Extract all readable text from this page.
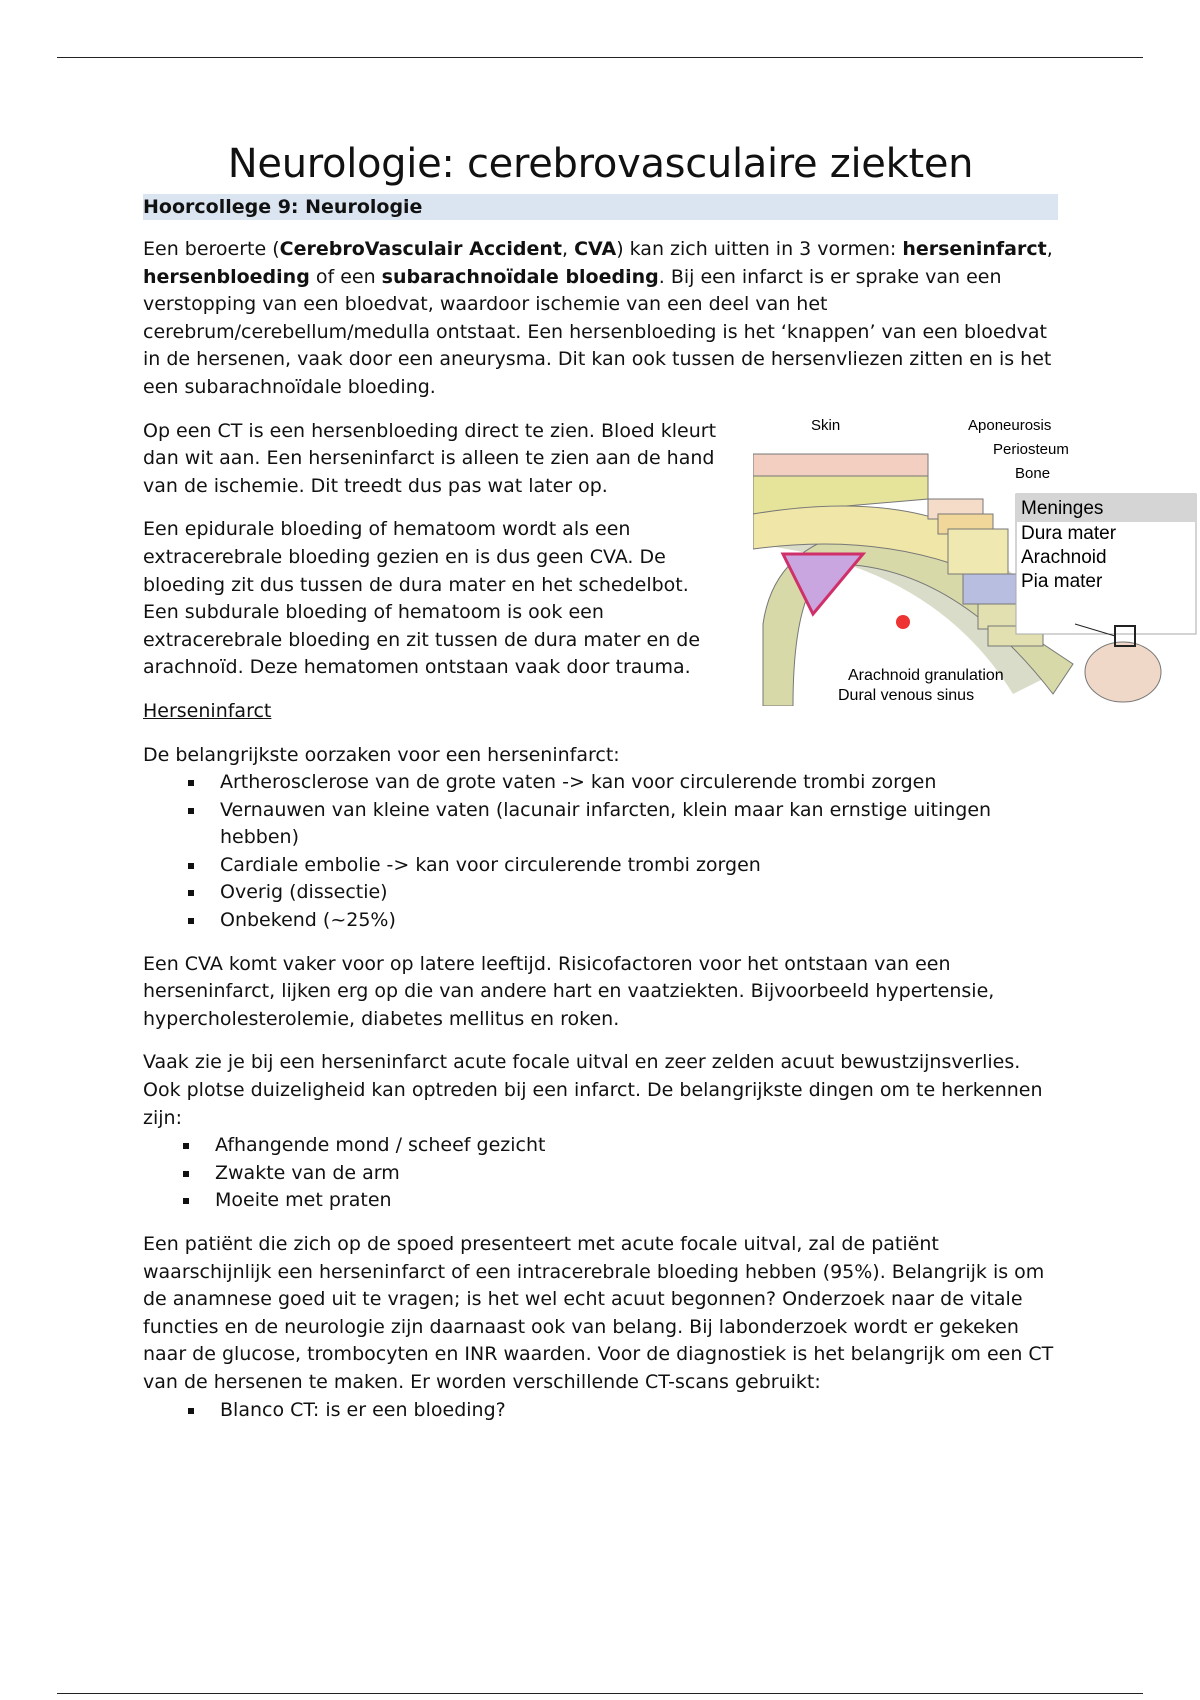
Neurologie: cerebrovasculaire ziekten
Hoorcollege 9: Neurologie

Een beroerte (CerebroVasculair Accident, CVA) kan zich uitten in 3 vormen: herseninfarct, hersenbloeding of een subarachnoïdale bloeding. Bij een infarct is er sprake van een verstopping van een bloedvat, waardoor ischemie van een deel van het cerebrum/cerebellum/medulla ontstaat. Een hersenbloeding is het ‘knappen’ van een bloedvat in de hersenen, vaak door een aneurysma. Dit kan ook tussen de hersenvliezen zitten en is het een subarachnoïdale bloeding.

Skin	Aponeurosis
Periosteum
Bone
Meninges
Dura mater
Arachnoid
Pia mater
Arachnoid granulation
Dural venous sinus

Op een CT is een hersenbloeding direct te zien. Bloed kleurt dan wit aan. Een herseninfarct is alleen te zien aan de hand van de ischemie. Dit treedt dus pas wat later op.

Een epidurale bloeding of hematoom wordt als een extracerebrale bloeding gezien en is dus geen CVA. De bloeding zit dus tussen de dura mater en het schedelbot. Een subdurale bloeding of hematoom is ook een extracerebrale bloeding en zit tussen de dura mater en de arachnoïd. Deze hematomen ontstaan vaak door trauma.

Herseninfarct

De belangrijkste oorzaken voor een herseninfarct:

Artherosclerose van de grote vaten -> kan voor circulerende trombi zorgen
Vernauwen van kleine vaten (lacunair infarcten, klein maar kan ernstige uitingen hebben)
Cardiale embolie -> kan voor circulerende trombi zorgen
Overig (dissectie)
Onbekend (~25%)

Een CVA komt vaker voor op latere leeftijd. Risicofactoren voor het ontstaan van een herseninfarct, lijken erg op die van andere hart en vaatziekten. Bijvoorbeeld hypertensie, hypercholesterolemie, diabetes mellitus en roken.

Vaak zie je bij een herseninfarct acute focale uitval en zeer zelden acuut bewustzijnsverlies. Ook plotse duizeligheid kan optreden bij een infarct. De belangrijkste dingen om te herkennen zijn:

Afhangende mond / scheef gezicht
Zwakte van de arm
Moeite met praten

Een patiënt die zich op de spoed presenteert met acute focale uitval, zal de patiënt waarschijnlijk een herseninfarct of een intracerebrale bloeding hebben (95%). Belangrijk is om de anamnese goed uit te vragen; is het wel echt acuut begonnen? Onderzoek naar de vitale functies en de neurologie zijn daarnaast ook van belang. Bij labonderzoek wordt er gekeken naar de glucose, trombocyten en INR waarden. Voor de diagnostiek is het belangrijk om een CT van de hersenen te maken. Er worden verschillende CT-scans gebruikt:

Blanco CT: is er een bloeding?
